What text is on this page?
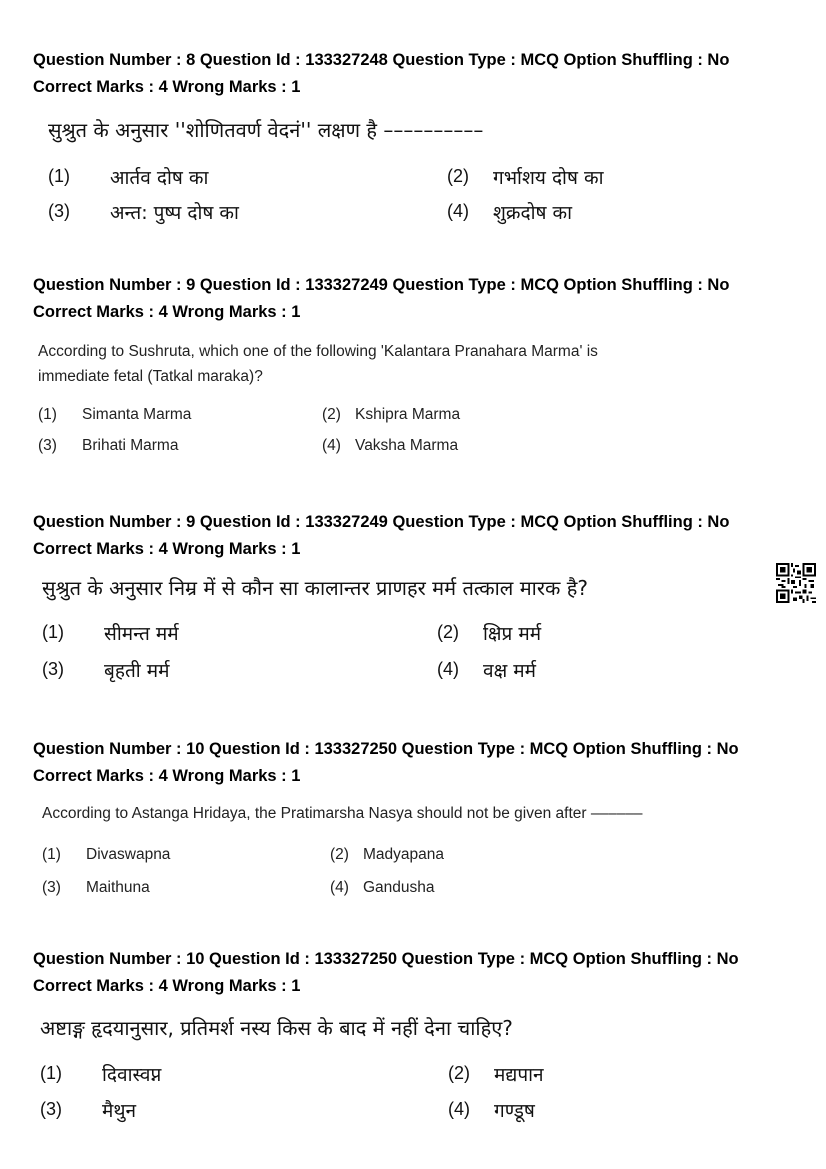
Question Number : 8 Question Id : 133327248 Question Type : MCQ Option Shuffling : No
Correct Marks : 4 Wrong Marks : 1
सुश्रुत के अनुसार ''शोणितवर्ण वेदनं'' लक्षण है ––––––––––
(1) आर्तव दोष का	(2) गर्भाशय दोष का
(3) अन्त: पुष्प दोष का	(4) शुक्रदोष का
Question Number : 9 Question Id : 133327249 Question Type : MCQ Option Shuffling : No
Correct Marks : 4 Wrong Marks : 1
According to Sushruta, which one of the following 'Kalantara Pranahara Marma' is
immediate fetal (Tatkal maraka)?
(1) Simanta Marma	(2) Kshipra Marma
(3) Brihati Marma	(4) Vaksha Marma
Question Number : 9 Question Id : 133327249 Question Type : MCQ Option Shuffling : No
Correct Marks : 4 Wrong Marks : 1
सुश्रुत के अनुसार निम्र में से कौन सा कालान्तर प्राणहर मर्म तत्काल मारक है?
(1) सीमन्त मर्म	(2) क्षिप्र मर्म
(3) बृहती मर्म	(4) वक्ष मर्म
Question Number : 10 Question Id : 133327250 Question Type : MCQ Option Shuffling : No
Correct Marks : 4 Wrong Marks : 1
According to Astanga Hridaya, the Pratimarsha Nasya should not be given after ––––––
(1) Divaswapna	(2) Madyapana
(3) Maithuna	(4) Gandusha
Question Number : 10 Question Id : 133327250 Question Type : MCQ Option Shuffling : No
Correct Marks : 4 Wrong Marks : 1
अष्टाङ्ग हृदयानुसार, प्रतिमर्श नस्य किस के बाद में नहीं देना चाहिए?
(1) दिवास्वप्न	(2) मद्यपान
(3) मैथुन	(4) गण्डूष
